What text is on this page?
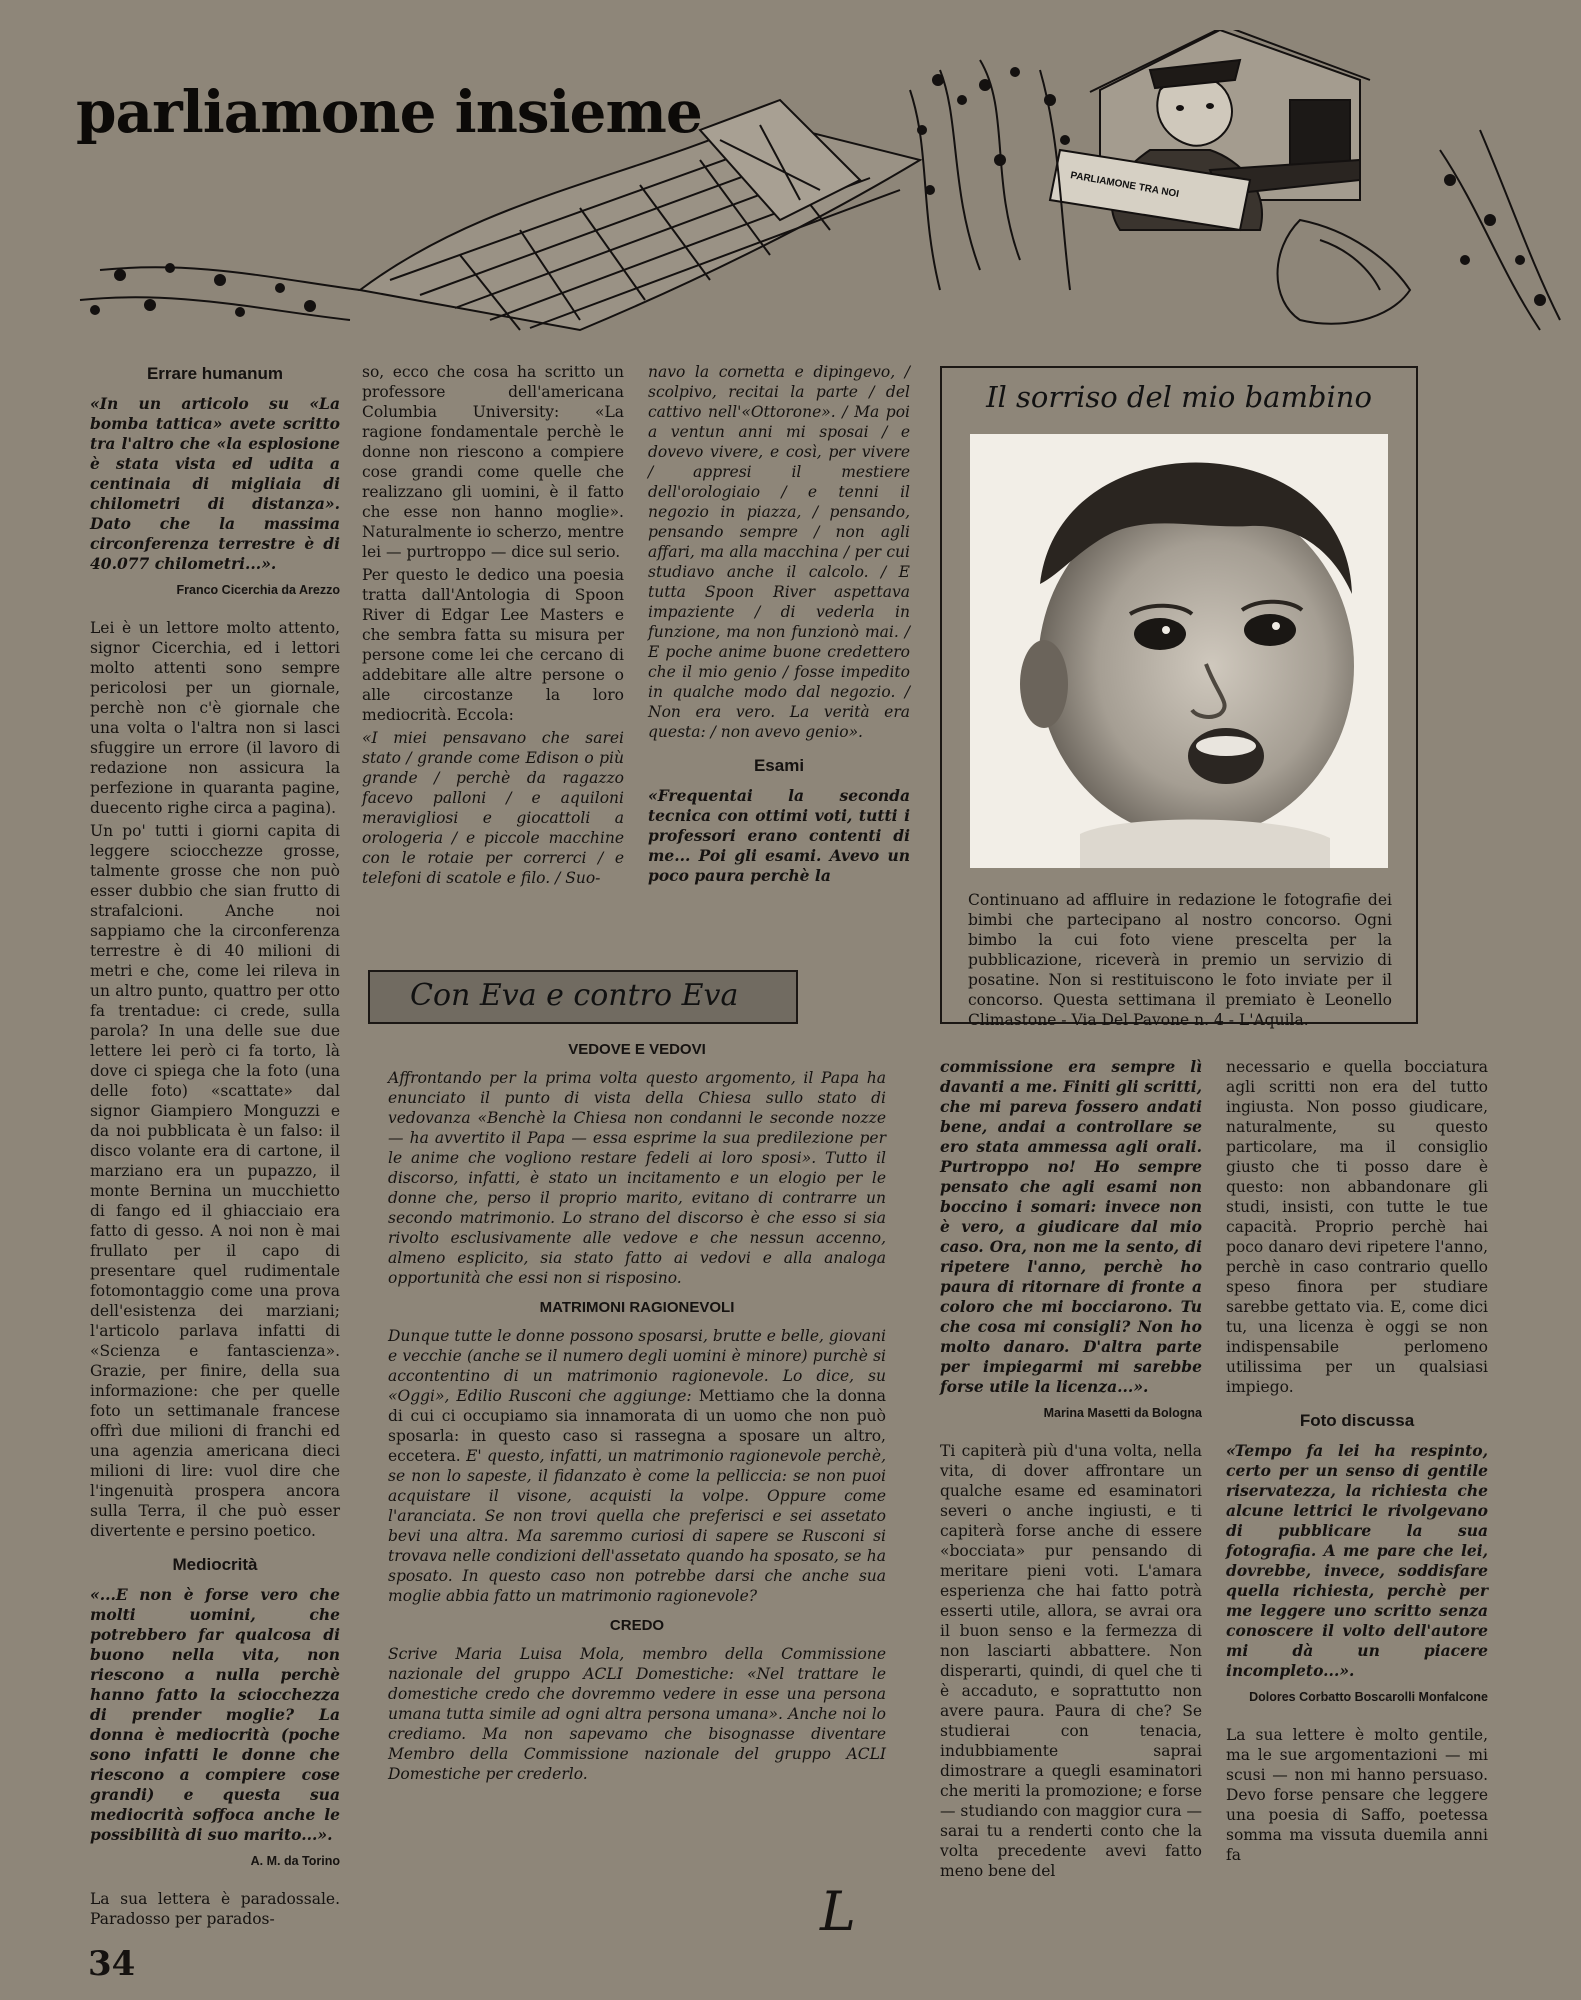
PARLIAMONE TRA NOI
parliamone insieme
Errare humanum

«In un articolo su «La bomba tattica» avete scritto tra l'altro che «la esplosione è stata vista ed udita a centinaia di migliaia di chilometri di distanza». Dato che la massima circonferenza terrestre è di 40.077 chilometri...».

Franco Cicerchia da Arezzo

Lei è un lettore molto attento, signor Cicerchia, ed i lettori molto attenti sono sempre pericolosi per un giornale, perchè non c'è giornale che una volta o l'altra non si lasci sfuggire un errore (il lavoro di redazione non assicura la perfezione in quaranta pagine, duecento righe circa a pagina).

Un po' tutti i giorni capita di leggere sciocchezze grosse, talmente grosse che non può esser dubbio che sian frutto di strafalcioni. Anche noi sappiamo che la circonferenza terrestre è di 40 milioni di metri e che, come lei rileva in un altro punto, quattro per otto fa trentadue: ci crede, sulla parola? In una delle sue due lettere lei però ci fa torto, là dove ci spiega che la foto (una delle foto) «scattate» dal signor Giampiero Monguzzi e da noi pubblicata è un falso: il disco volante era di cartone, il marziano era un pupazzo, il monte Bernina un mucchietto di fango ed il ghiacciaio era fatto di gesso. A noi non è mai frullato per il capo di presentare quel rudimentale fotomontaggio come una prova dell'esistenza dei marziani; l'articolo parlava infatti di «Scienza e fantascienza». Grazie, per finire, della sua informazione: che per quelle foto un settimanale francese offrì due milioni di franchi ed una agenzia americana dieci milioni di lire: vuol dire che l'ingenuità prospera ancora sulla Terra, il che può esser divertente e persino poetico.

Mediocrità

«...E non è forse vero che molti uomini, che potrebbero far qualcosa di buono nella vita, non riescono a nulla perchè hanno fatto la sciocchezza di prender moglie? La donna è mediocrità (poche sono infatti le donne che riescono a compiere cose grandi) e questa sua mediocrità soffoca anche le possibilità di suo marito...».

A. M. da Torino

La sua lettera è paradossale. Paradosso per parados-

so, ecco che cosa ha scritto un professore dell'americana Columbia University: «La ragione fondamentale perchè le donne non riescono a compiere cose grandi come quelle che realizzano gli uomini, è il fatto che esse non hanno moglie». Naturalmente io scherzo, mentre lei — purtroppo — dice sul serio.

Per questo le dedico una poesia tratta dall'Antologia di Spoon River di Edgar Lee Masters e che sembra fatta su misura per persone come lei che cercano di addebitare alle altre persone o alle circostanze la loro mediocrità. Eccola:

«I miei pensavano che sarei stato / grande come Edison o più grande / perchè da ragazzo facevo palloni / e aquiloni meravigliosi e giocattoli a orologeria / e piccole macchine con le rotaie per correrci / e telefoni di scatole e filo. / Suo-

navo la cornetta e dipingevo, / scolpivo, recitai la parte / del cattivo nell'«Ottorone». / Ma poi a ventun anni mi sposai / e dovevo vivere, e così, per vivere / appresi il mestiere dell'orologiaio / e tenni il negozio in piazza, / pensando, pensando sempre / non agli affari, ma alla macchina / per cui studiavo anche il calcolo. / E tutta Spoon River aspettava impaziente / di vederla in funzione, ma non funzionò mai. / E poche anime buone credettero che il mio genio / fosse impedito in qualche modo dal negozio. / Non era vero. La verità era questa: / non avevo genio».

Esami

«Frequentai la seconda tecnica con ottimi voti, tutti i professori erano contenti di me... Poi gli esami. Avevo un poco paura perchè la

Il sorriso del mio bambino
Continuano ad affluire in redazione le fotografie dei bimbi che partecipano al nostro concorso. Ogni bimbo la cui foto viene prescelta per la pubblicazione, riceverà in premio un servizio di posatine. Non si restituiscono le foto inviate per il concorso. Questa settimana il premiato è Leonello Climastone - Via Del Pavone n. 4 - L'Aquila.
Con Eva e contro Eva
VEDOVE E VEDOVI

Affrontando per la prima volta questo argomento, il Papa ha enunciato il punto di vista della Chiesa sullo stato di vedovanza «Benchè la Chiesa non condanni le seconde nozze — ha avvertito il Papa — essa esprime la sua predilezione per le anime che vogliono restare fedeli ai loro sposi». Tutto il discorso, infatti, è stato un incitamento e un elogio per le donne che, perso il proprio marito, evitano di contrarre un secondo matrimonio. Lo strano del discorso è che esso si sia rivolto esclusivamente alle vedove e che nessun accenno, almeno esplicito, sia stato fatto ai vedovi e alla analoga opportunità che essi non si risposino.

MATRIMONI RAGIONEVOLI

Dunque tutte le donne possono sposarsi, brutte e belle, giovani e vecchie (anche se il numero degli uomini è minore) purchè si accontentino di un matrimonio ragionevole. Lo dice, su «Oggi», Edilio Rusconi che aggiunge: Mettiamo che la donna di cui ci occupiamo sia innamorata di un uomo che non può sposarla: in questo caso si rassegna a sposare un altro, eccetera. E' questo, infatti, un matrimonio ragionevole perchè, se non lo sapeste, il fidanzato è come la pelliccia: se non puoi acquistare il visone, acquisti la volpe. Oppure come l'aranciata. Se non trovi quella che preferisci e sei assetato bevi una altra. Ma saremmo curiosi di sapere se Rusconi si trovava nelle condizioni dell'assetato quando ha sposato, se ha sposato. In questo caso non potrebbe darsi che anche sua moglie abbia fatto un matrimonio ragionevole?

CREDO

Scrive Maria Luisa Mola, membro della Commissione nazionale del gruppo ACLI Domestiche: «Nel trattare le domestiche credo che dovremmo vedere in esse una persona umana tutta simile ad ogni altra persona umana». Anche noi lo crediamo. Ma non sapevamo che bisognasse diventare Membro della Commissione nazionale del gruppo ACLI Domestiche per crederlo.

L

commissione era sempre lì davanti a me. Finiti gli scritti, che mi pareva fossero andati bene, andai a controllare se ero stata ammessa agli orali. Purtroppo no! Ho sempre pensato che agli esami non boccino i somari: invece non è vero, a giudicare dal mio caso. Ora, non me la sento, di ripetere l'anno, perchè ho paura di ritornare di fronte a coloro che mi bocciarono. Tu che cosa mi consigli? Non ho molto danaro. D'altra parte per impiegarmi mi sarebbe forse utile la licenza...».

Marina Masetti da Bologna

Ti capiterà più d'una volta, nella vita, di dover affrontare un qualche esame ed esaminatori severi o anche ingiusti, e ti capiterà forse anche di essere «bocciata» pur pensando di meritare pieni voti. L'amara esperienza che hai fatto potrà esserti utile, allora, se avrai ora il buon senso e la fermezza di non lasciarti abbattere. Non disperarti, quindi, di quel che ti è accaduto, e soprattutto non avere paura. Paura di che? Se studierai con tenacia, indubbiamente saprai dimostrare a quegli esaminatori che meriti la promozione; e forse — studiando con maggior cura — sarai tu a renderti conto che la volta precedente avevi fatto meno bene del

necessario e quella bocciatura agli scritti non era del tutto ingiusta. Non posso giudicare, naturalmente, su questo particolare, ma il consiglio giusto che ti posso dare è questo: non abbandonare gli studi, insisti, con tutte le tue capacità. Proprio perchè hai poco danaro devi ripetere l'anno, perchè in caso contrario quello speso finora per studiare sarebbe gettato via. E, come dici tu, una licenza è oggi se non indispensabile perlomeno utilissima per un qualsiasi impiego.

Foto discussa

«Tempo fa lei ha respinto, certo per un senso di gentile riservatezza, la richiesta che alcune lettrici le rivolgevano di pubblicare la sua fotografia. A me pare che lei, dovrebbe, invece, soddisfare quella richiesta, perchè per me leggere uno scritto senza conoscere il volto dell'autore mi dà un piacere incompleto...».

Dolores Corbatto Boscarolli Monfalcone

La sua lettere è molto gentile, ma le sue argomentazioni — mi scusi — non mi hanno persuaso. Devo forse pensare che leggere una poesia di Saffo, poetessa somma ma vissuta duemila anni fa

34
